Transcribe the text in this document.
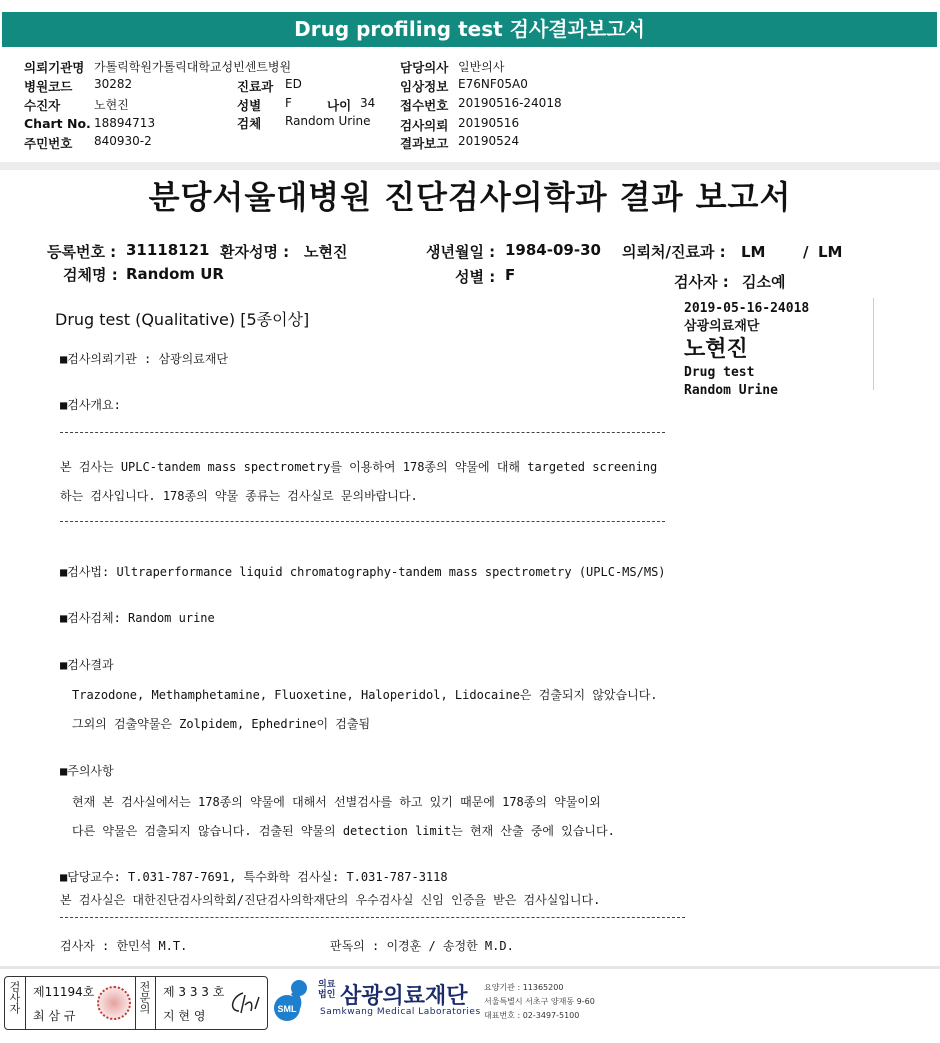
Drug profiling test 검사결과보고서
의뢰기관명 가톨릭학원가톨릭대학교성빈센트병원
병원코드 30282
수진자	노현진
Chart No. 18894713
주민번호 840930-2
진료과 ED
성별 F	나이 34
검체 Random Urine
담당의사 일반의사
임상정보 E76NF05A0
접수번호 20190516-24018
검사의뢰 20190516
결과보고 20190524
분당서울대병원 진단검사의학과 결과 보고서
등록번호 : 31118121 환자성명 : 노현진	생년월일 : 1984-09-30 의뢰처/진료과 : LM	/ LM
검체명 : Random UR	성별 : F	검사자 : 김소예
Drug test (Qualitative) [5종이상]
2019-05-16-24018
삼광의료재단
노현진
Drug test
Random Urine
■검사의뢰기관 : 삼광의료재단
■검사개요:
본 검사는 UPLC-tandem mass spectrometry를 이용하여 178종의 약물에 대해 targeted screening
하는 검사입니다. 178종의 약물 종류는 검사실로 문의바랍니다.
■검사법: Ultraperformance liquid chromatography-tandem mass spectrometry (UPLC-MS/MS)
■검사검체: Random urine
■검사결과
Trazodone, Methamphetamine, Fluoxetine, Haloperidol, Lidocaine은 검출되지 않았습니다.
그외의 검출약물은 Zolpidem, Ephedrine이 검출됨
■주의사항
현재 본 검사실에서는 178종의 약물에 대해서 선별검사를 하고 있기 때문에 178종의 약물이외
다른 약물은 검출되지 않습니다. 검출된 약물의 detection limit는 현재 산출 중에 있습니다.
■담당교수: T.031-787-7691, 특수화학 검사실: T.031-787-3118
본 검사실은 대한진단검사의학회/진단검사의학재단의 우수검사실 신임 인증을 받은 검사실입니다.
검사자 : 한민석 M.T.	판독의 : 이경훈 / 송정한 M.D.
검사자 제11194호
최 삼 규
전문의 제 3 3 3 호
지 현 영	SML
의료법인 삼광의료재단
Samkwang Medical Laboratories
요양기관 : 11365200
서울특별시 서초구 양재동 9-60
대표번호 : 02-3497-5100
